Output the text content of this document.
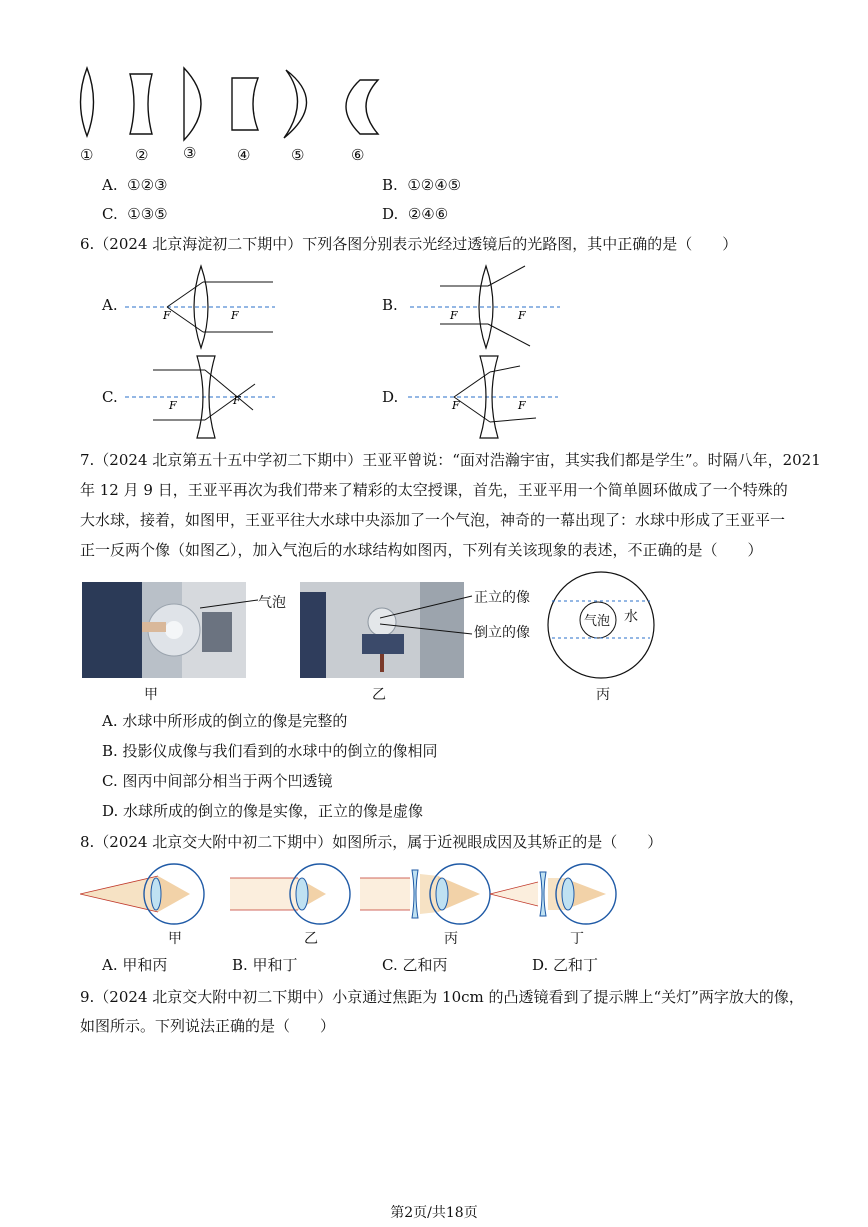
①	② ③	④	⑤	⑥
A. ①②③	B. ①②④⑤
C. ①③⑤	D. ②④⑥
6.（2024 北京海淀初二下期中）下列各图分别表示光经过透镜后的光路图，其中正确的是（　　）
A.
F	F
B.
F	F
C.	F	F	D.	F	F
7.（2024 北京第五十五中学初二下期中）王亚平曾说：“面对浩瀚宇宙，其实我们都是学生”。时隔八年，2021
年 12 月 9 日，王亚平再次为我们带来了精彩的太空授课，首先，王亚平用一个简单圆环做成了一个特殊的
大水球，接着，如图甲，王亚平往大水球中央添加了一个气泡，神奇的一幕出现了：水球中形成了王亚平一
正一反两个像（如图乙），加入气泡后的水球结构如图丙，下列有关该现象的表述，不正确的是（　　）
气泡
甲
正立的像
倒立的像
乙
气泡 水
丙
A. 水球中所形成的倒立的像是完整的
B. 投影仪成像与我们看到的水球中的倒立的像相同
C. 图丙中间部分相当于两个凹透镜
D. 水球所成的倒立的像是实像，正立的像是虚像
8.（2024 北京交大附中初二下期中）如图所示，属于近视眼成因及其矫正的是（　　）
甲	乙	丙	丁
A. 甲和丙	B. 甲和丁	C. 乙和丙	D. 乙和丁
9.（2024 北京交大附中初二下期中）小京通过焦距为 10cm 的凸透镜看到了提示牌上“关灯”两字放大的像，
如图所示。下列说法正确的是（　　）
第2页/共18页
